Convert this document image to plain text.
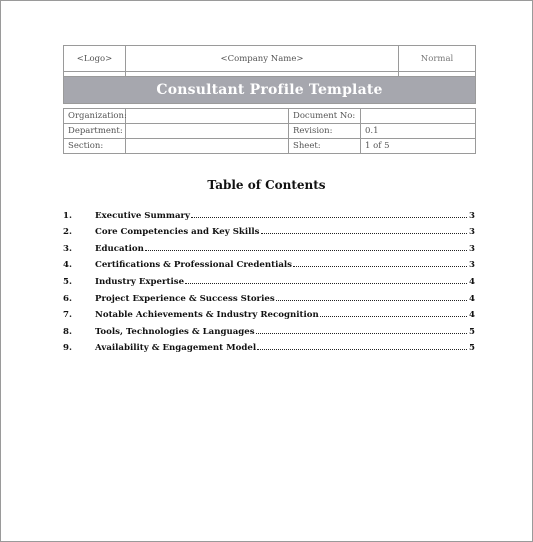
<Logo>	<Company Name>			Normal

Consultant Profile Template				

Organization:		Document No:		
Department:		Revision:	0.1	
Section:		Sheet:	1 of 5	
Table of Contents
1.	Executive Summary	3
2.	Core Competencies and Key Skills	3
3.	Education	3
4.	Certifications & Professional Credentials	3
5.	Industry Expertise	4
6.	Project Experience & Success Stories	4
7.	Notable Achievements & Industry Recognition	4
8.	Tools, Technologies & Languages	5
9.	Availability & Engagement Model	5
